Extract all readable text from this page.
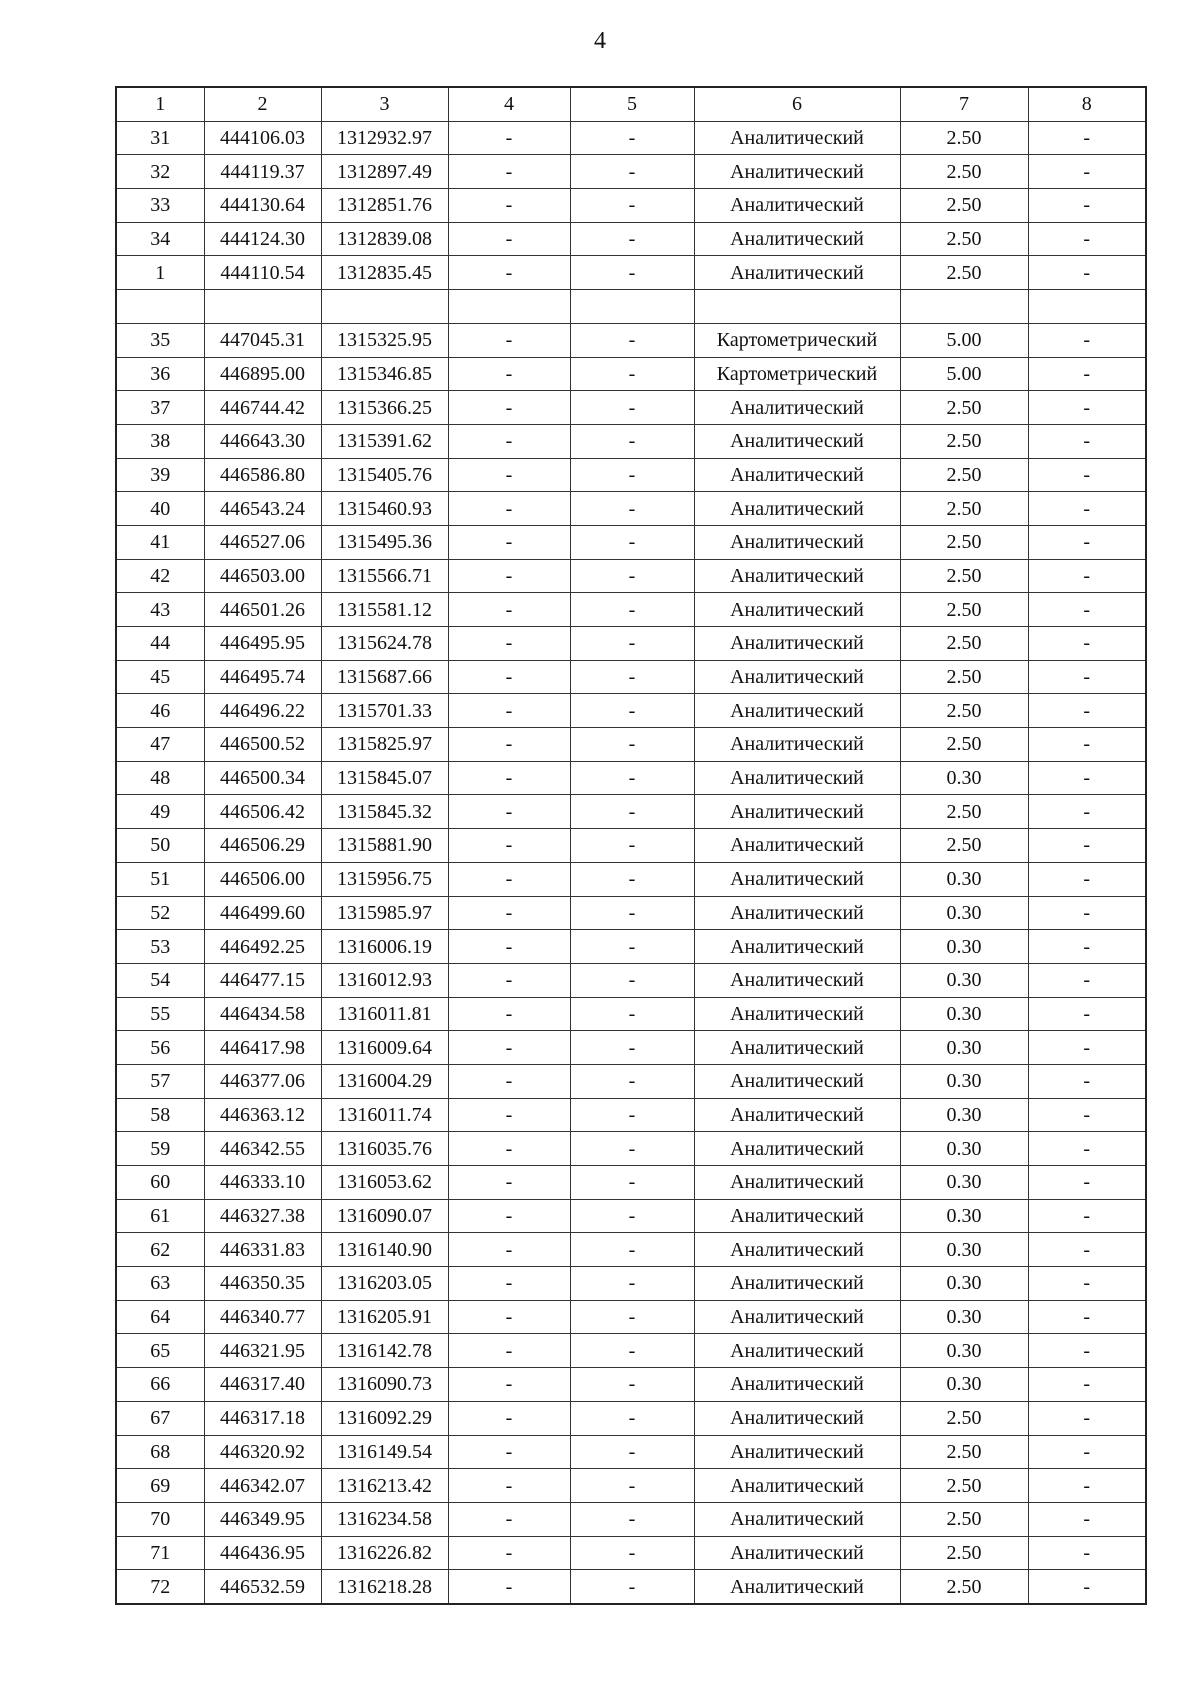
4
1	2	3	4	5	6	7	8
31	444106.03	1312932.97	-	-	Аналитический	2.50	-
32	444119.37	1312897.49	-	-	Аналитический	2.50	-
33	444130.64	1312851.76	-	-	Аналитический	2.50	-
34	444124.30	1312839.08	-	-	Аналитический	2.50	-
1	444110.54	1312835.45	-	-	Аналитический	2.50	-

35	447045.31	1315325.95	-	-	Картометрический	5.00	-
36	446895.00	1315346.85	-	-	Картометрический	5.00	-
37	446744.42	1315366.25	-	-	Аналитический	2.50	-
38	446643.30	1315391.62	-	-	Аналитический	2.50	-
39	446586.80	1315405.76	-	-	Аналитический	2.50	-
40	446543.24	1315460.93	-	-	Аналитический	2.50	-
41	446527.06	1315495.36	-	-	Аналитический	2.50	-
42	446503.00	1315566.71	-	-	Аналитический	2.50	-
43	446501.26	1315581.12	-	-	Аналитический	2.50	-
44	446495.95	1315624.78	-	-	Аналитический	2.50	-
45	446495.74	1315687.66	-	-	Аналитический	2.50	-
46	446496.22	1315701.33	-	-	Аналитический	2.50	-
47	446500.52	1315825.97	-	-	Аналитический	2.50	-
48	446500.34	1315845.07	-	-	Аналитический	0.30	-
49	446506.42	1315845.32	-	-	Аналитический	2.50	-
50	446506.29	1315881.90	-	-	Аналитический	2.50	-
51	446506.00	1315956.75	-	-	Аналитический	0.30	-
52	446499.60	1315985.97	-	-	Аналитический	0.30	-
53	446492.25	1316006.19	-	-	Аналитический	0.30	-
54	446477.15	1316012.93	-	-	Аналитический	0.30	-
55	446434.58	1316011.81	-	-	Аналитический	0.30	-
56	446417.98	1316009.64	-	-	Аналитический	0.30	-
57	446377.06	1316004.29	-	-	Аналитический	0.30	-
58	446363.12	1316011.74	-	-	Аналитический	0.30	-
59	446342.55	1316035.76	-	-	Аналитический	0.30	-
60	446333.10	1316053.62	-	-	Аналитический	0.30	-
61	446327.38	1316090.07	-	-	Аналитический	0.30	-
62	446331.83	1316140.90	-	-	Аналитический	0.30	-
63	446350.35	1316203.05	-	-	Аналитический	0.30	-
64	446340.77	1316205.91	-	-	Аналитический	0.30	-
65	446321.95	1316142.78	-	-	Аналитический	0.30	-
66	446317.40	1316090.73	-	-	Аналитический	0.30	-
67	446317.18	1316092.29	-	-	Аналитический	2.50	-
68	446320.92	1316149.54	-	-	Аналитический	2.50	-
69	446342.07	1316213.42	-	-	Аналитический	2.50	-
70	446349.95	1316234.58	-	-	Аналитический	2.50	-
71	446436.95	1316226.82	-	-	Аналитический	2.50	-
72	446532.59	1316218.28	-	-	Аналитический	2.50	-
